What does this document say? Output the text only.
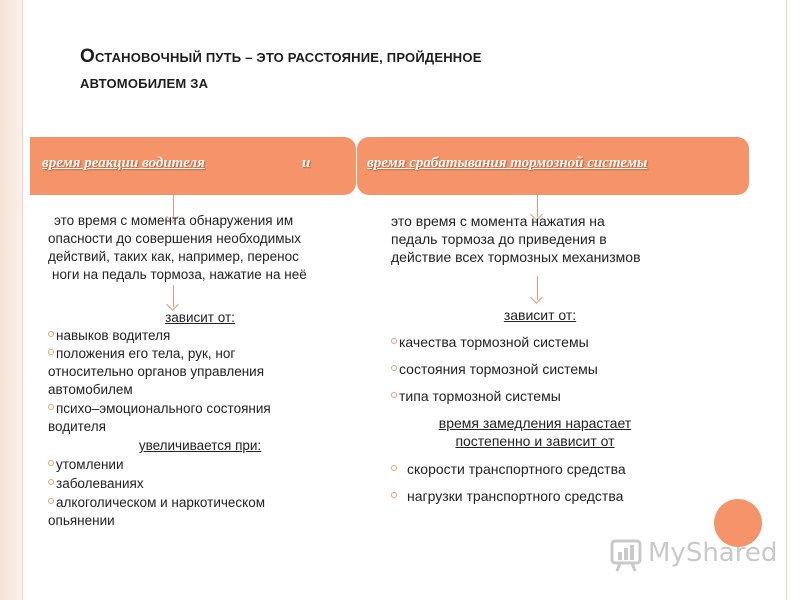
ОСТАНОВОЧНЫЙ ПУТЬ – ЭТО РАССТОЯНИЕ, ПРОЙДЕННОЕ
АВТОМОБИЛЕМ ЗА
время реакции водителя	и	время срабатывания тормозной системы
это время с момента обнаружения им
опасности до совершения необходимых
действий, таких как, например, перенос
ноги на педаль тормоза, нажатие на неё
зависит от:
навыков водителя
положения его тела, рук, ног
относительно органов управления
автомобилем
психо–эмоционального состояния
водителя
увеличивается при:
утомлении
заболеваниях
алкоголическом и наркотическом
опьянении
это время с момента нажатия на
педаль тормоза до приведения в
действие всех тормозных механизмов
зависит от:
качества тормозной системы
состояния тормозной системы
типа тормозной системы
время замедления нарастает
постепенно и зависит от
скорости транспортного средства
нагрузки транспортного средства
MyShared
